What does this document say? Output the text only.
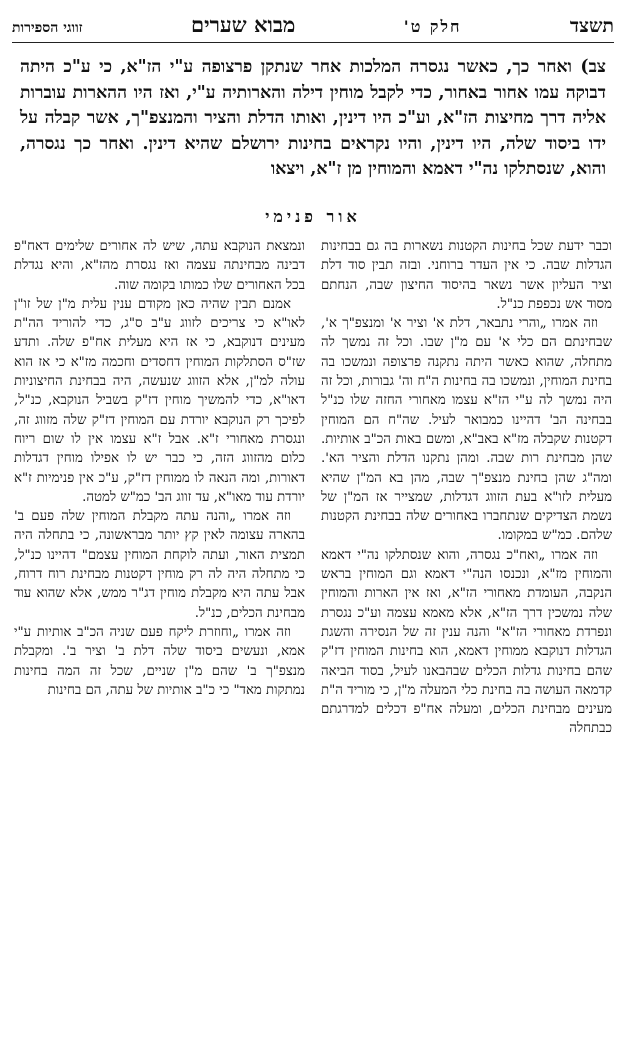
תשצד
חלק ט'
מבוא שערים
זווגי הספירות

צב) ואחר כך, כאשר נגסרה המלכות אחר שנתקן פרצופה ע"י הז"א, כי ע"כ היתה דבוקה עמו אחור באחור, כדי לקבל מוחין דילה והארותיה ע"י, ואז היו ההארות עוברות אליה דרך מחיצות הז"א, וע"כ היו דינין, ואותו הדלת והציר והמנצפ"ך, אשר קבלה על ידו ביסוד שלה, היו דינין, והיו נקראים בחינות ירושלם שהיא דינין. ואחר כך נגסרה, והוא, שנסתלקו נה"י דאמא והמוחין מן ז"א, ויצאו

אור פנימי

וכבר ידעת שכל בחינות הקטנות נשארות בה גם בבחינות הגדלות שבה. כי אין העדר ברוחני. ובזה תבין סוד דלת וציר העליון אשר נשאר בהיסוד החיצון שבה, הנחתם מסוד אש נכפפת כנ"ל.

וזה אמרו „והרי נתבאר, דלת א' וציר א' ומנצפ"ך א', שבחינתם הם כלי א' עם מ"ן שבו. וכל זה נמשך לה מתחלה, שהוא כאשר היתה נתקנה פרצופה ונמשכו בה בחינת המוחין, ונמשכו בה בחינות ה"ח וה' גבורות, וכל זה היה נמשך לה ע"י הז"א עצמו מאחורי החזה שלו כנ"ל בבחינה הב' דהיינו כמבואר לעיל. שה"ח הם המוחין דקטנות שקבלה מז"א באב"א, ומשם באות הכ"ב אותיות. שהן מבחינת רות שבה. ומהן נתקנו הדלת והציר הא'. ומה"ג שהן בחינת מנצפ"ך שבה, מהן בא המ"ן שהיא מעלית לזו"א בעת הזווג דגדלות, שמצייר אז המ"ן של נשמת הצדיקים שנתחברו באחורים שלה בבחינת הקטנות שלהם. כמ"ש במקומו.

וזה אמרו „ואח"כ נגסרה, והוא שנסתלקו נה"י דאמא והמוחין מז"א, ונכנסו הנה"י דאמא וגם המוחין בראש הנקבה, העומדת מאחורי הז"א, ואז אין הארות והמוחין שלה נמשכין דרך הז"א, אלא מאמא עצמה וע"כ נגסרת ונפרדת מאחורי הז"א" והנה ענין זה של הנסירה והשגת הגדלות דנוקבא ממוחין דאמא, הוא בחינות המוחין דז"ק שהם בחינות גדלות הכלים שבהבאנו לעיל, בסוד הביאה קדמאה העושה בה בחינת כלי המעלה מ"ן, כי מוריד ה"ת מעינים מבחינת הכלים, ומעלה אח"פ דכלים למדרגתם כבתחלה

ונמצאת הנוקבא עתה, שיש לה אחורים שלימים דאח"פ דבינה מבחינתה עצמה ואז נגסרת מהז"א, והיא נגדלת בכל האחורים שלו כמותו בקומה שוה.

אמנם תבין שהיה כאן מקודם ענין עלית מ"ן של זו"ן לאו"א כי צריכים לזווג ע"ב ס"ג, כדי להוריד הה"ת מעינים דנוקבא, כי אז היא מעלית אח"פ שלה. ותדע שז"ס הסתלקות המוחין דחסדים וחכמה מז"א כי אז הוא עולה למ"ן, אלא הזווג שנעשה, היה בבחינת החיצוניות דאו"א, כדי להמשיך מוחין דז"ק בשביל הנוקבא, כנ"ל, לפיכך רק הנוקבא יורדת עם המוחין דז"ק שלה מזווג זה, ונגסרת מאחורי ז"א. אבל ז"א עצמו אין לו שום ריוח כלום מהזווג הזה, כי כבר יש לו אפילו מוחין דגדלות דאורות, ומה הנאה לו ממוחין דז"ק, ע"כ אין פנימיות ז"א יורדת עוד מאו"א, עד זווג הב' כמ"ש למטה.

וזה אמרו „והנה עתה מקבלת המוחין שלה פעם ב' בהארה עצומה לאין קץ יותר מבראשונה, כי בתחלה היה תמצית האור, ועתה לוקחת המוחין עצמם" דהיינו כנ"ל, כי מתחלה היה לה רק מוחין דקטנות מבחינת רוח דרוח, אבל עתה היא מקבלת מוחין דג"ר ממש, אלא שהוא עוד מבחינת הכלים, כנ"ל.

וזה אמרו „וחוזרת ליקח פעם שניה הכ"ב אותיות ע"י אמא, ונעשים ביסוד שלה דלת ב' וציר ב'. ומקבלת מנצפ"ך ב' שהם מ"ן שניים, שכל זה המה בחינות נמתקות מאד" כי כ"ב אותיות של עתה, הם בחינות
